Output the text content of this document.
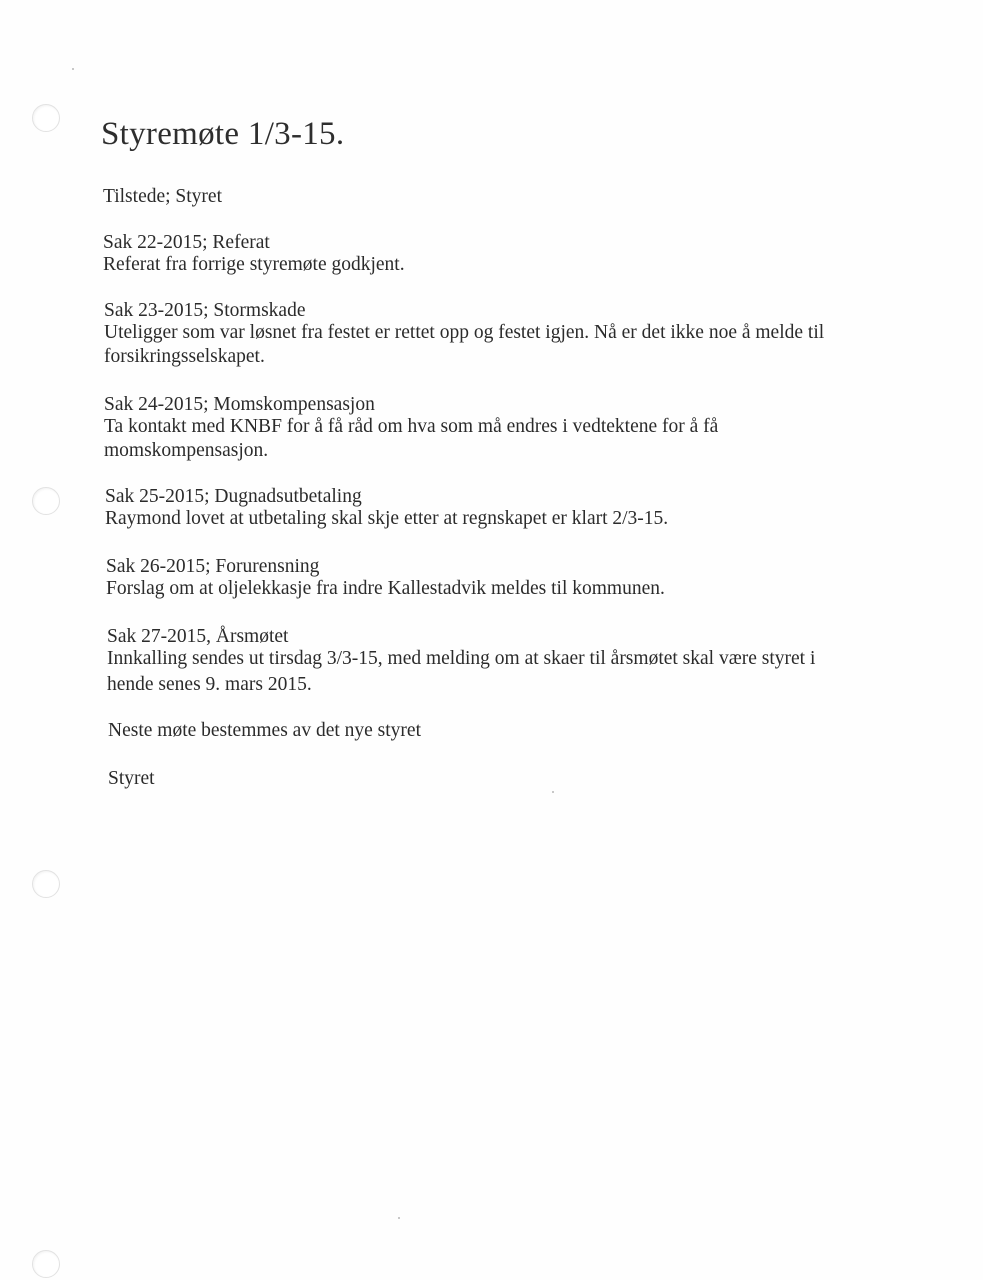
Styremøte 1/3-15.
Tilstede; Styret
Sak 22-2015; Referat
Referat fra forrige styremøte godkjent.
Sak 23-2015; Stormskade
Uteligger som var løsnet fra festet er rettet opp og festet igjen. Nå er det ikke noe å melde til
forsikringsselskapet.
Sak 24-2015; Momskompensasjon
Ta kontakt med KNBF for å få råd om hva som må endres i vedtektene for å få
momskompensasjon.
Sak 25-2015; Dugnadsutbetaling
Raymond lovet at utbetaling skal skje etter at regnskapet er klart 2/3-15.
Sak 26-2015; Forurensning
Forslag om at oljelekkasje fra indre Kallestadvik meldes til kommunen.
Sak 27-2015, Årsmøtet
Innkalling sendes ut tirsdag 3/3-15, med melding om at skaer til årsmøtet skal være styret i
hende senes 9. mars 2015.
Neste møte bestemmes av det nye styret
Styret
